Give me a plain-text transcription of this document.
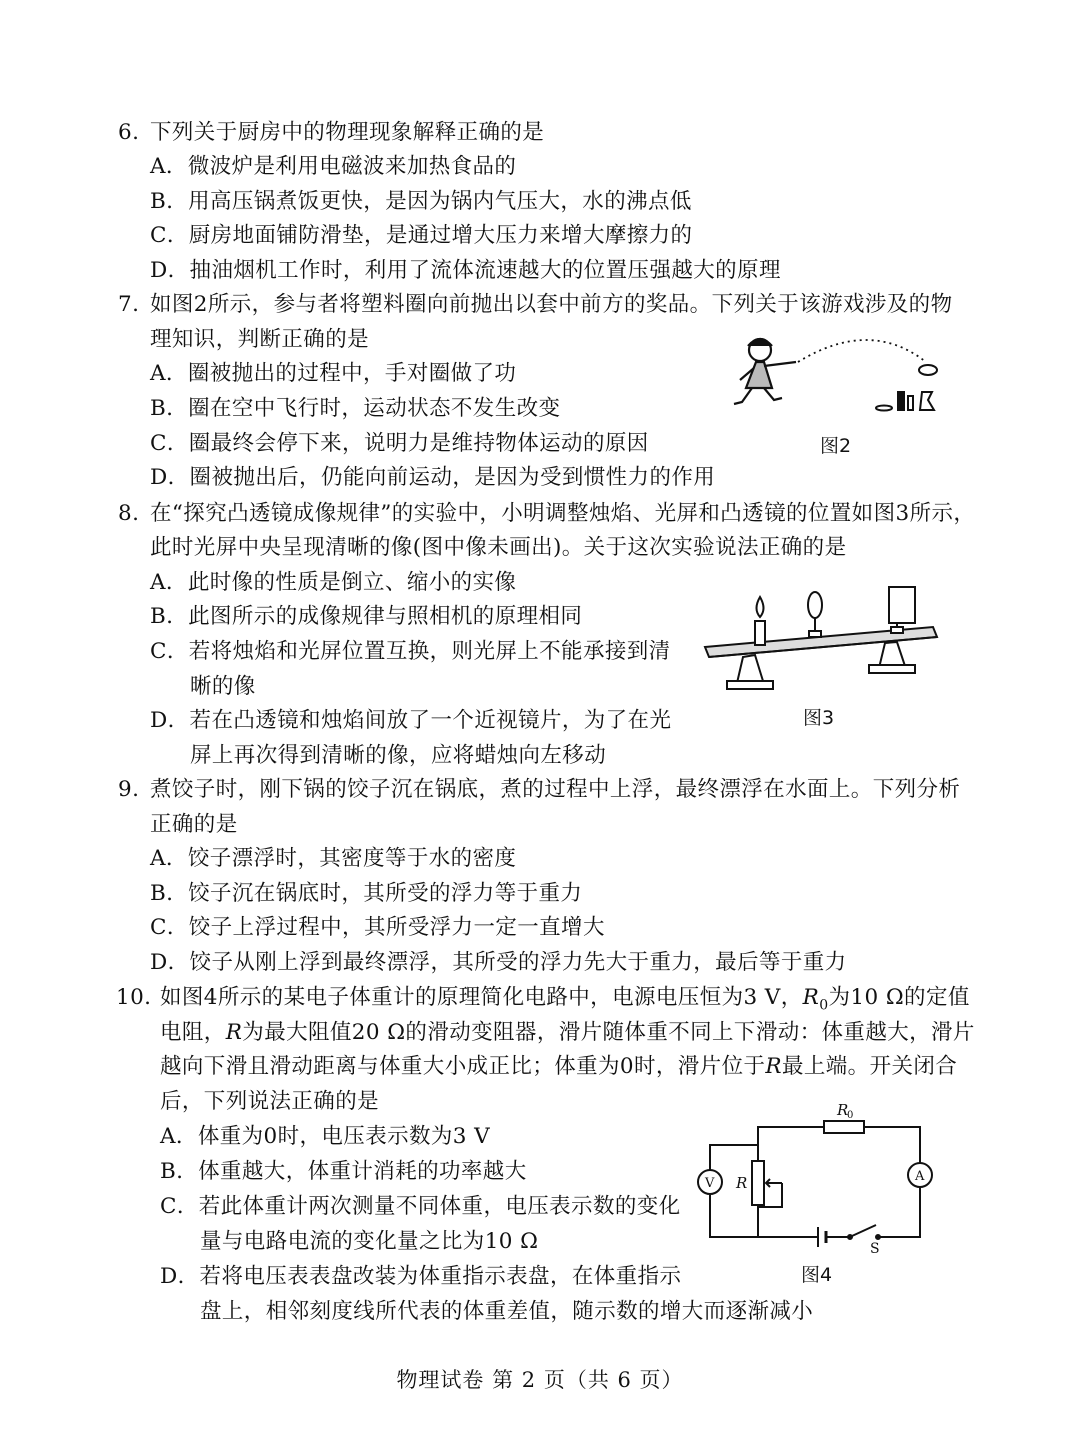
6. 下列关于厨房中的物理现象解释正确的是
A．微波炉是利用电磁波来加热食品的
B．用高压锅煮饭更快，是因为锅内气压大，水的沸点低
C．厨房地面铺防滑垫，是通过增大压力来增大摩擦力的
D．抽油烟机工作时，利用了流体流速越大的位置压强越大的原理
7. 如图2所示，参与者将塑料圈向前抛出以套中前方的奖品。下列关于该游戏涉及的物
理知识，判断正确的是
A．圈被抛出的过程中，手对圈做了功
B．圈在空中飞行时，运动状态不发生改变
C．圈最终会停下来，说明力是维持物体运动的原因
D．圈被抛出后，仍能向前运动，是因为受到惯性力的作用
图2
8. 在“探究凸透镜成像规律”的实验中，小明调整烛焰、光屏和凸透镜的位置如图3所示，
此时光屏中央呈现清晰的像(图中像未画出)。关于这次实验说法正确的是
A．此时像的性质是倒立、缩小的实像
B．此图所示的成像规律与照相机的原理相同
C．若将烛焰和光屏位置互换，则光屏上不能承接到清
晰的像
D．若在凸透镜和烛焰间放了一个近视镜片，为了在光
屏上再次得到清晰的像，应将蜡烛向左移动
图3
9. 煮饺子时，刚下锅的饺子沉在锅底，煮的过程中上浮，最终漂浮在水面上。下列分析
正确的是
A．饺子漂浮时，其密度等于水的密度
B．饺子沉在锅底时，其所受的浮力等于重力
C．饺子上浮过程中，其所受浮力一定一直增大
D．饺子从刚上浮到最终漂浮，其所受的浮力先大于重力，最后等于重力
10. 如图4所示的某电子体重计的原理简化电路中，电源电压恒为3 V，$R_0$为10 Ω的定值
电阻，R为最大阻值20 Ω的滑动变阻器，滑片随体重不同上下滑动：体重越大，滑片
越向下滑且滑动距离与体重大小成正比；体重为0时，滑片位于R最上端。开关闭合
后，下列说法正确的是
A．体重为0时，电压表示数为3 V
B．体重越大，体重计消耗的功率越大
C．若此体重计两次测量不同体重，电压表示数的变化
量与电路电流的变化量之比为10 Ω
D．若将电压表表盘改装为体重指示表盘，在体重指示
盘上，相邻刻度线所代表的体重差值，随示数的增大而逐渐减小
R
0
R
V	A
S
图4
物理试卷 第 2 页（共 6 页）
